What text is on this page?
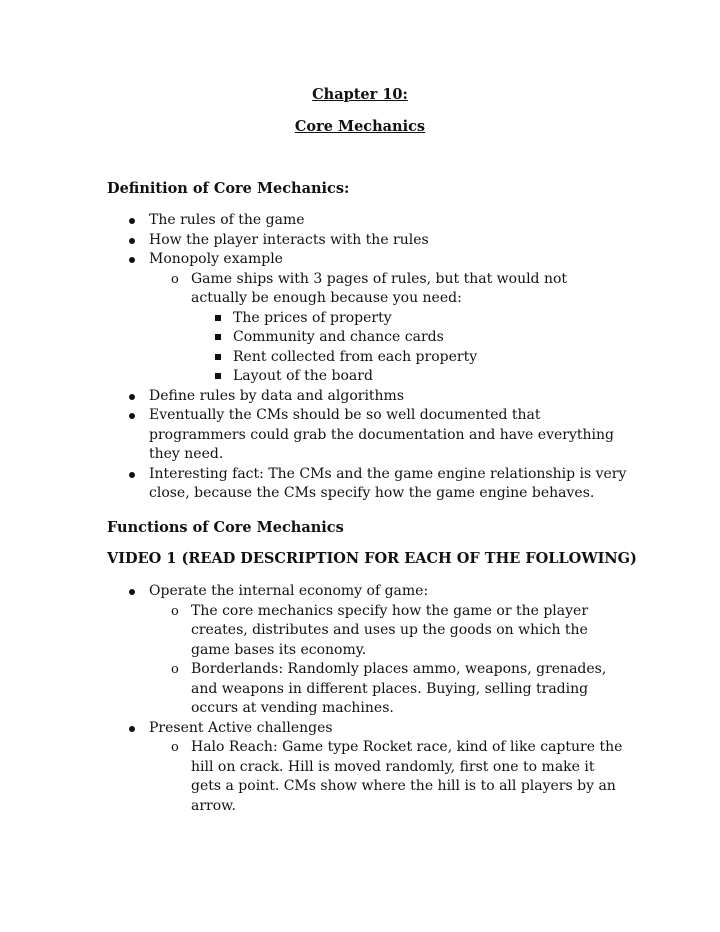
Chapter 10:
Core Mechanics
Definition of Core Mechanics:
The rules of the game
How the player interacts with the rules
Monopoly example
o Game ships with 3 pages of rules, but that would not actually be enough because you need:
The prices of property
Community and chance cards
Rent collected from each property
Layout of the board
Define rules by data and algorithms
Eventually the CMs should be so well documented that programmers could grab the documentation and have everything they need.
Interesting fact: The CMs and the game engine relationship is very close, because the CMs specify how the game engine behaves.
Functions of Core Mechanics
VIDEO 1 (READ DESCRIPTION FOR EACH OF THE FOLLOWING)
Operate the internal economy of game:
o The core mechanics specify how the game or the player creates, distributes and uses up the goods on which the game bases its economy.
o Borderlands: Randomly places ammo, weapons, grenades, and weapons in different places. Buying, selling trading occurs at vending machines.
Present Active challenges
o Halo Reach: Game type Rocket race, kind of like capture the hill on crack. Hill is moved randomly, first one to make it gets a point. CMs show where the hill is to all players by an arrow.
